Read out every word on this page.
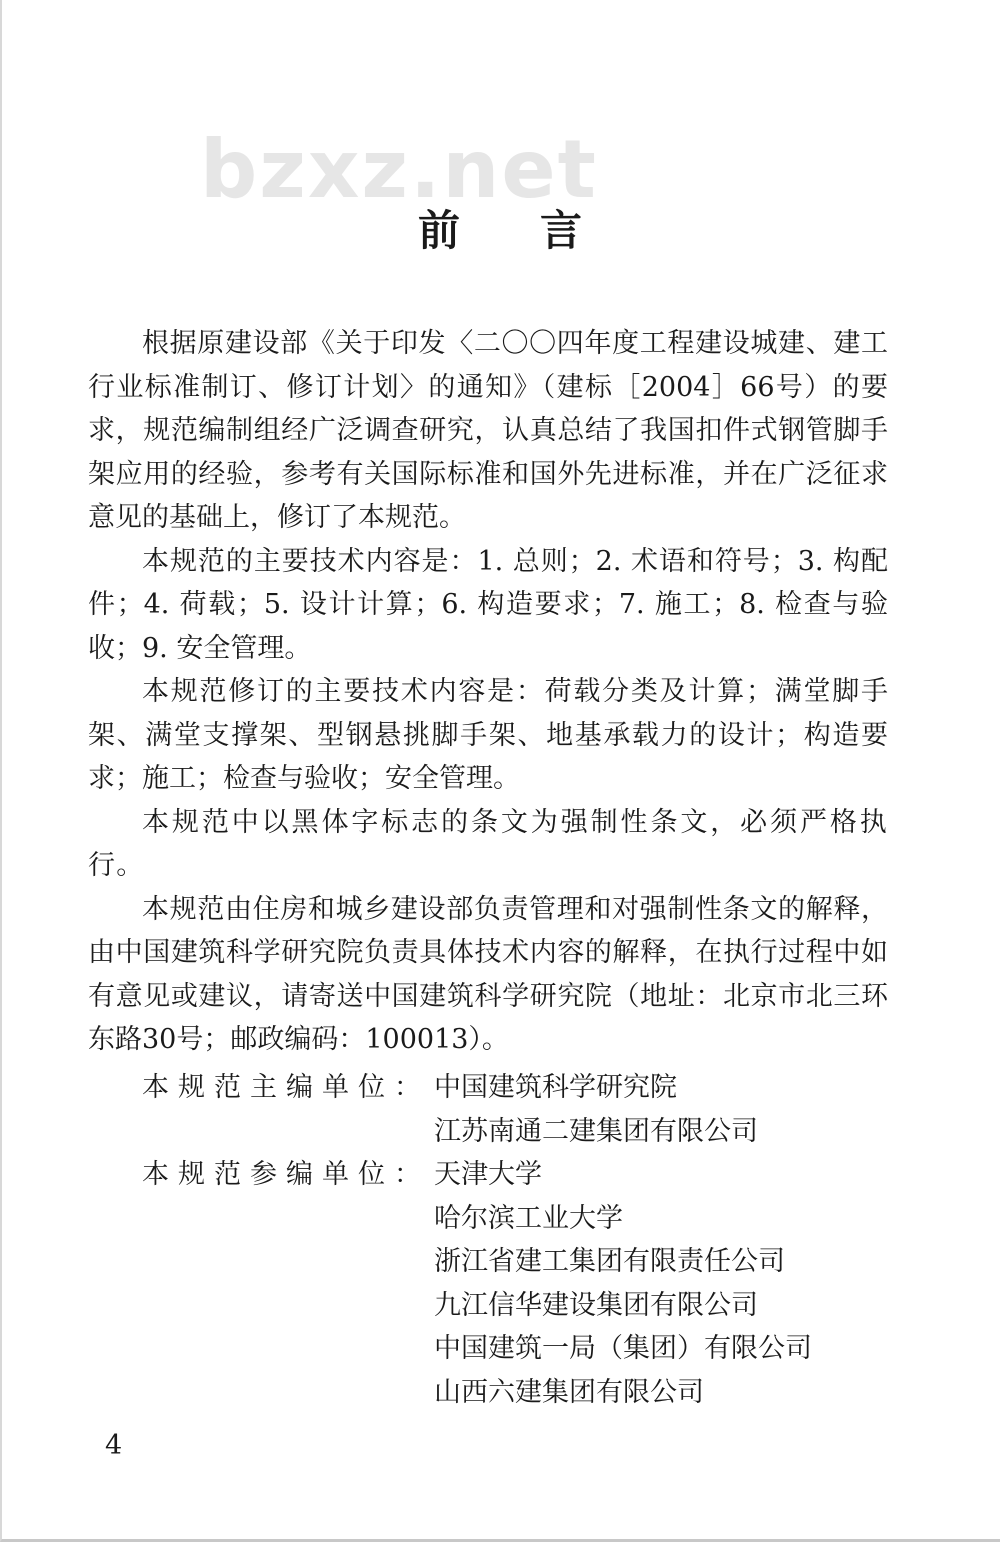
bzxz.net
前言

根据原建设部《关于印发〈二〇〇四年度工程建设城建、建工行业标准制订、修订计划〉的通知》（建标［2004］66号）的要求，规范编制组经广泛调查研究，认真总结了我国扣件式钢管脚手架应用的经验，参考有关国际标准和国外先进标准，并在广泛征求意见的基础上，修订了本规范。

本规范的主要技术内容是：1. 总则；2. 术语和符号；3. 构配件；4. 荷载；5. 设计计算；6. 构造要求；7. 施工；8. 检查与验收；9. 安全管理。

本规范修订的主要技术内容是：荷载分类及计算；满堂脚手架、满堂支撑架、型钢悬挑脚手架、地基承载力的设计；构造要求；施工；检查与验收；安全管理。

本规范中以黑体字标志的条文为强制性条文，必须严格执行。

本规范由住房和城乡建设部负责管理和对强制性条文的解释，由中国建筑科学研究院负责具体技术内容的解释，在执行过程中如有意见或建议，请寄送中国建筑科学研究院（地址：北京市北三环东路30号；邮政编码：100013）。

本规范主编单位： 中国建筑科学研究院
江苏南通二建集团有限公司
本规范参编单位： 天津大学
哈尔滨工业大学
浙江省建工集团有限责任公司
九江信华建设集团有限公司
中国建筑一局（集团）有限公司
山西六建集团有限公司
4
